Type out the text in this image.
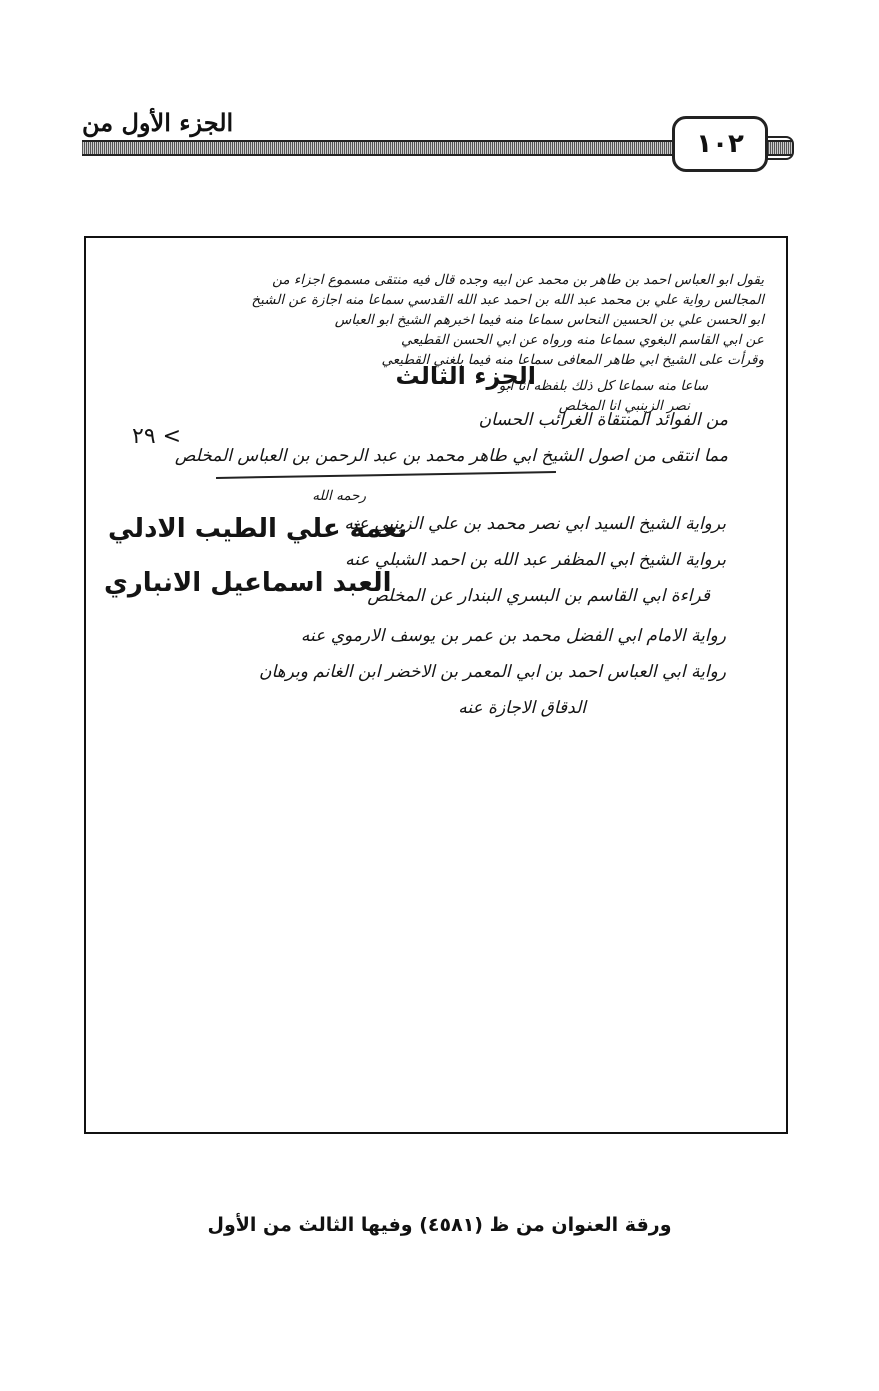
١٠٢
الجزء الأول من
يقول ابو العباس احمد بن طاهر بن محمد عن ابيه وجده قال فيه منتقى مسموع اجزاء من
المجالس رواية علي بن محمد عبد الله بن احمد عبد الله القدسي سماعا منه اجازة عن الشيخ
ابو الحسن علي بن الحسين النحاس سماعا منه فيما اخبرهم الشيخ ابو العباس
عن ابي القاسم البغوي سماعا منه ورواه عن ابي الحسن القطيعي
وقرأت على الشيخ ابي طاهر المعافى سماعا منه فيما بلغني القطيعي
الجزء الثالث
ساعا منه سماعا كل ذلك بلفظه انا ابو
نصر الزينبي انا المخلص
من الفوائد المنتقاة الغرائب الحسان
٢٩ <
مما انتقى من اصول الشيخ ابي طاهر محمد بن عبد الرحمن بن العباس المخلص
رحمه الله
برواية الشيخ السيد ابي نصر محمد بن علي الزينبي عنه
برواية الشيخ ابي المظفر عبد الله بن احمد الشبلي عنه
قراءة ابي القاسم بن البسري البندار عن المخلص
رواية الامام ابي الفضل محمد بن عمر بن يوسف الارموي عنه
رواية ابي العباس احمد بن ابي المعمر بن الاخضر ابن الغانم وبرهان
الدقاق الاجازة عنه
نعمة علي الطيب الادلي
العبد اسماعيل الانباري
ورقة العنوان من ظ (٤٥٨١) وفيها الثالث من الأول
